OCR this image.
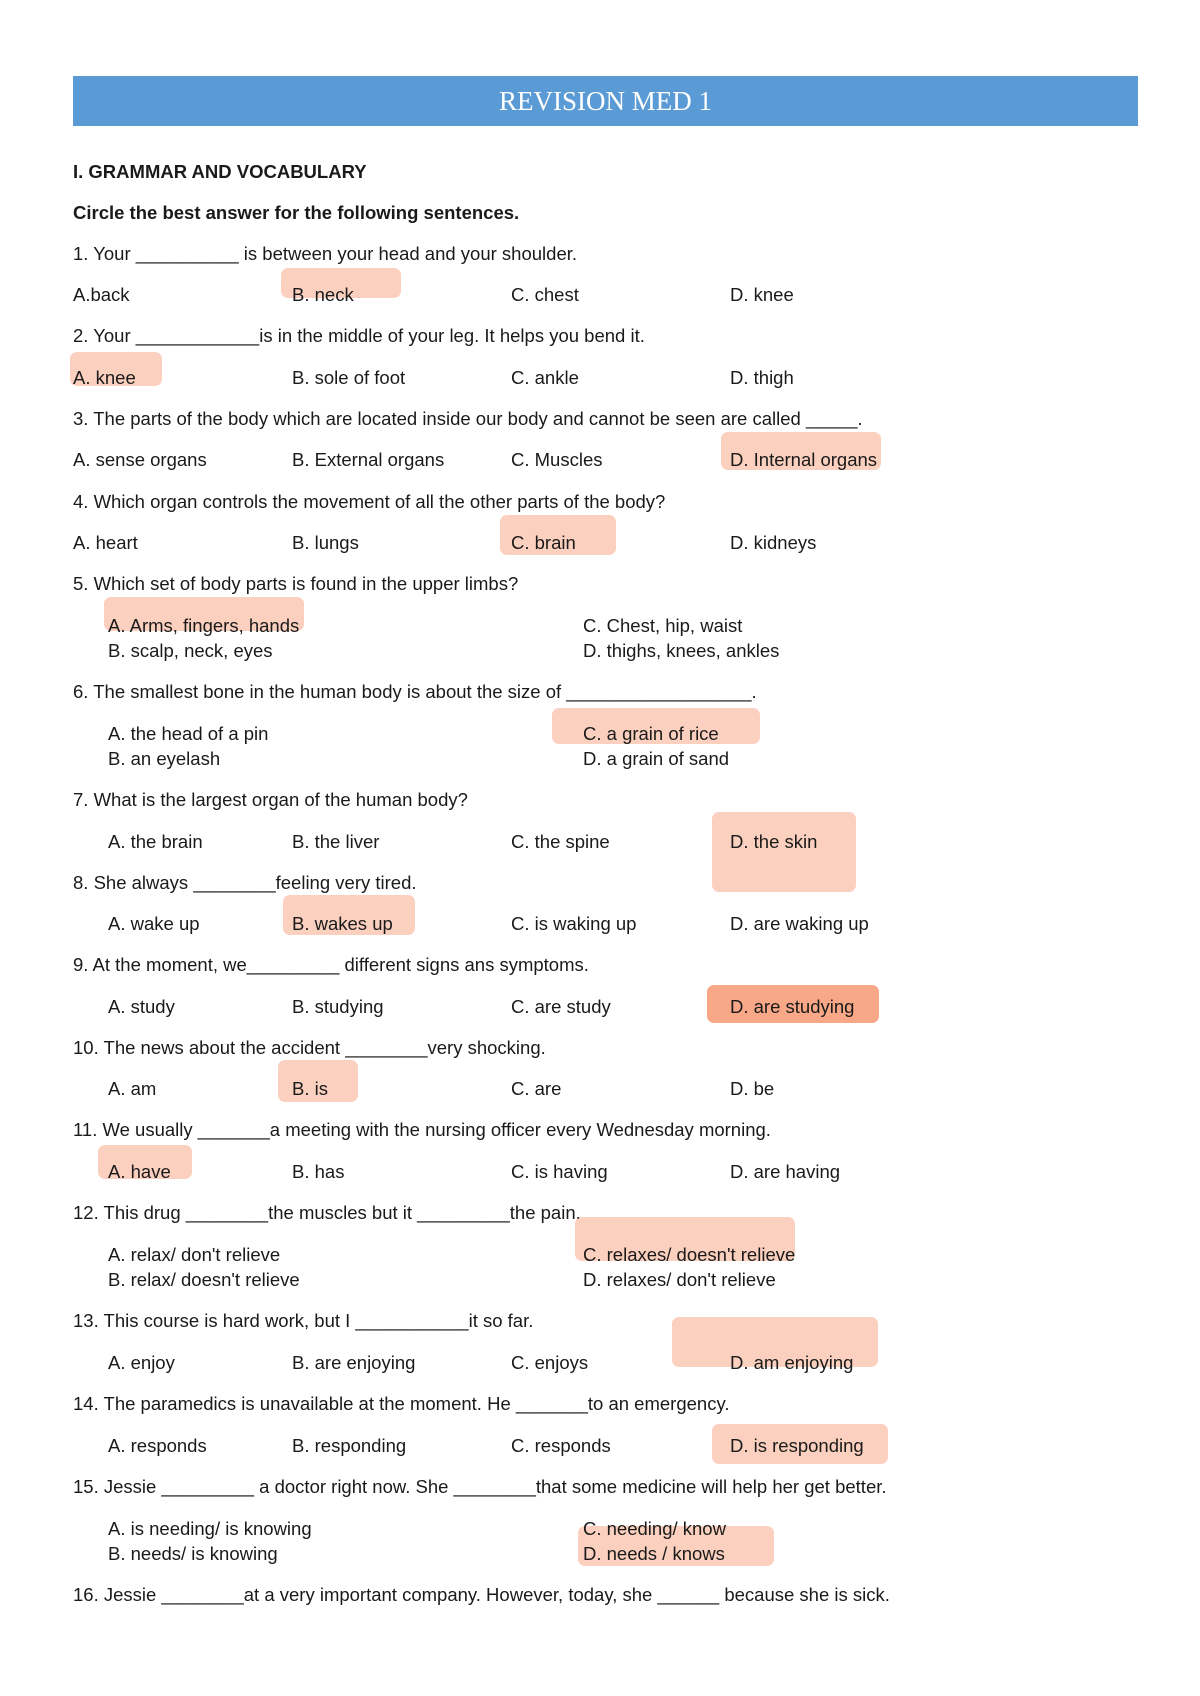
REVISION MED 1
I. GRAMMAR AND VOCABULARY
Circle the best answer for the following sentences.
1. Your __________ is between your head and your shoulder.
A.back	B. neck	C. chest	D. knee
2. Your ____________is in the middle of your leg. It helps you bend it.
A. knee	B. sole of foot	C. ankle	D. thigh
3. The parts of the body which are located inside our body and cannot be seen are called _____.
A. sense organs	B. External organs	C. Muscles	D. Internal organs
4. Which organ controls the movement of all the other parts of the body?
A. heart	B. lungs	C. brain	D. kidneys
5. Which set of body parts is found in the upper limbs?
A. Arms, fingers, hands
B. scalp, neck, eyes
C. Chest, hip, waist
D. thighs, knees, ankles
6. The smallest bone in the human body is about the size of __________________.
A. the head of a pin
B. an eyelash
C. a grain of rice
D. a grain of sand
7. What is the largest organ of the human body?
A. the brain	B. the liver	C. the spine	D. the skin
8. She always ________feeling very tired.
A. wake up	B. wakes up	C. is waking up	D. are waking up
9. At the moment, we_________ different signs ans symptoms.
A. study	B. studying	C. are study	D. are studying
10. The news about the accident ________very shocking.
A. am	B. is	C. are	D. be
11. We usually _______a meeting with the nursing officer every Wednesday morning.
A. have	B. has	C. is having	D. are having
12. This drug ________the muscles but it _________the pain.
A. relax/ don't relieve
B. relax/ doesn't relieve
C. relaxes/ doesn't relieve
D. relaxes/ don't relieve
13. This course is hard work, but I ___________it so far.
A. enjoy	B. are enjoying	C. enjoys	D. am enjoying
14. The paramedics is unavailable at the moment. He _______to an emergency.
A. responds	B. responding	C. responds	D. is responding
15. Jessie _________ a doctor right now. She ________that some medicine will help her get better.
A. is needing/ is knowing
B. needs/ is knowing
C. needing/ know
D. needs / knows
16. Jessie ________at a very important company. However, today, she ______ because she is sick.
